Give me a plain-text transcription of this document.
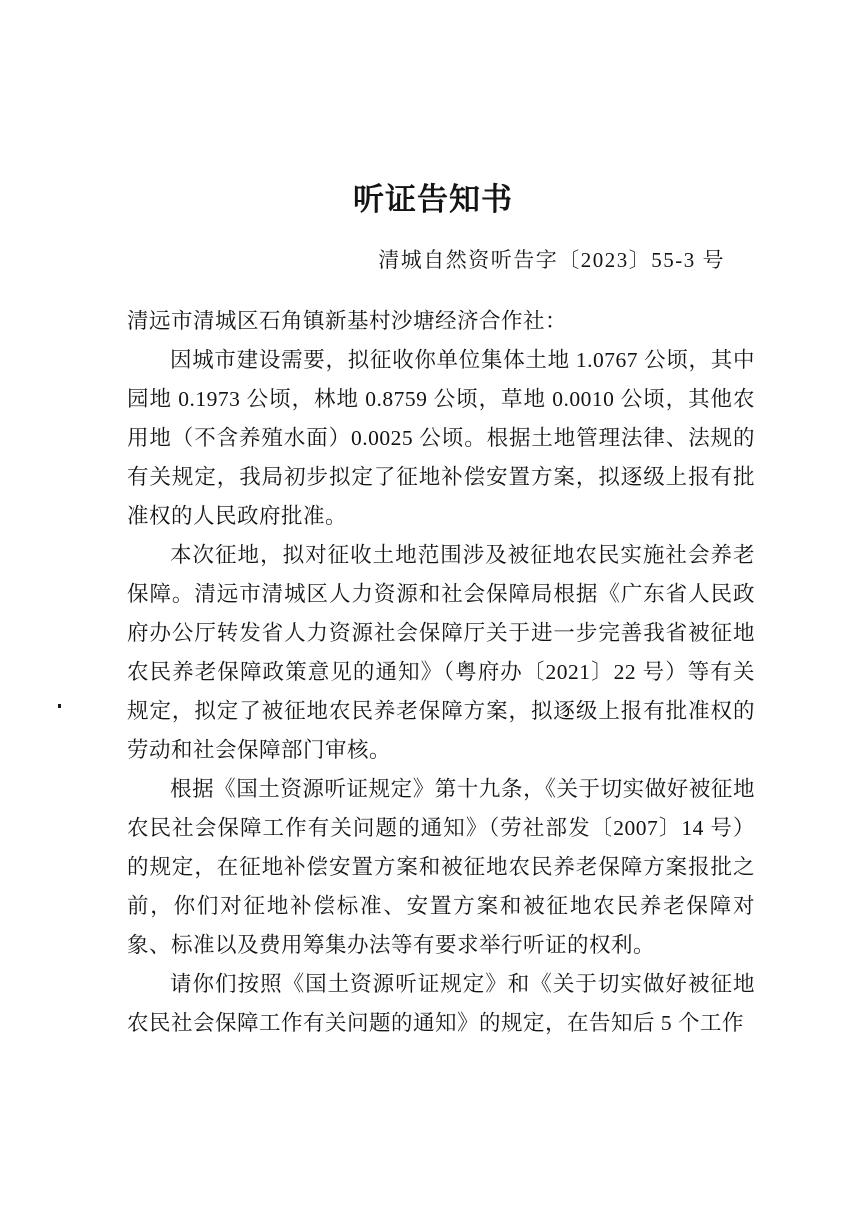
听证告知书
清城自然资听告字〔2023〕55-3 号

清远市清城区石角镇新基村沙塘经济合作社：

因城市建设需要，拟征收你单位集体土地 1.0767 公顷，其中园地 0.1973 公顷，林地 0.8759 公顷，草地 0.0010 公顷，其他农用地（不含养殖水面）0.0025 公顷。根据土地管理法律、法规的有关规定，我局初步拟定了征地补偿安置方案，拟逐级上报有批准权的人民政府批准。

本次征地，拟对征收土地范围涉及被征地农民实施社会养老保障。清远市清城区人力资源和社会保障局根据《广东省人民政府办公厅转发省人力资源社会保障厅关于进一步完善我省被征地农民养老保障政策意见的通知》（粤府办〔2021〕22 号）等有关规定，拟定了被征地农民养老保障方案，拟逐级上报有批准权的劳动和社会保障部门审核。

根据《国土资源听证规定》第十九条，《关于切实做好被征地农民社会保障工作有关问题的通知》（劳社部发〔2007〕14 号）的规定，在征地补偿安置方案和被征地农民养老保障方案报批之前，你们对征地补偿标准、安置方案和被征地农民养老保障对象、标准以及费用筹集办法等有要求举行听证的权利。

请你们按照《国土资源听证规定》和《关于切实做好被征地农民社会保障工作有关问题的通知》的规定，在告知后 5 个工作
